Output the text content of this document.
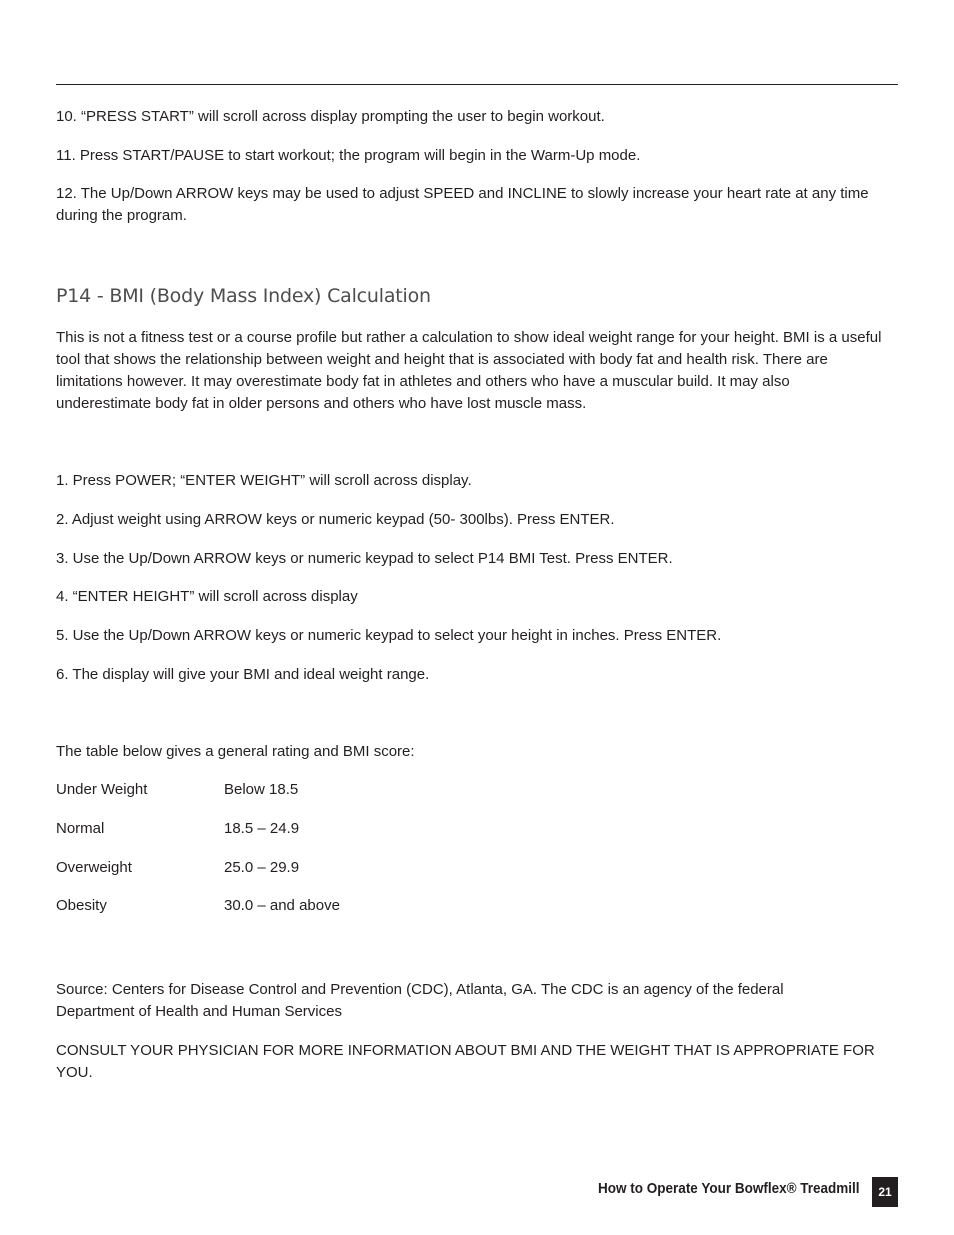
10. “PRESS START” will scroll across display prompting the user to begin workout.

11. Press START/PAUSE to start workout; the program will begin in the Warm-Up mode.

12. The Up/Down ARROW keys may be used to adjust SPEED and INCLINE to slowly increase your heart rate at any time during the program.

P14 - BMI (Body Mass Index) Calculation

This is not a fitness test or a course profile but rather a calculation to show ideal weight range for your height. BMI is a useful tool that shows the relationship between weight and height that is associated with body fat and health risk. There are limitations however. It may overestimate body fat in athletes and others who have a muscular build. It may also underestimate body fat in older persons and others who have lost muscle mass.

1. Press POWER; “ENTER WEIGHT” will scroll across display.

2. Adjust weight using ARROW keys or numeric keypad (50- 300lbs). Press ENTER.

3. Use the Up/Down ARROW keys or numeric keypad to select P14 BMI Test. Press ENTER.

4. “ENTER HEIGHT” will scroll across display

5. Use the Up/Down ARROW keys or numeric keypad to select your height in inches. Press ENTER.

6. The display will give your BMI and ideal weight range.

The table below gives a general rating and BMI score:

Under Weight	Below 18.5
Normal	18.5 – 24.9
Overweight	25.0 – 29.9
Obesity	30.0 – and above

Source: Centers for Disease Control and Prevention (CDC), Atlanta, GA. The CDC is an agency of the federal Department of Health and Human Services

CONSULT YOUR PHYSICIAN FOR MORE INFORMATION ABOUT BMI AND THE WEIGHT THAT IS APPROPRIATE FOR YOU.

How to Operate Your Bowflex® Treadmill	21
